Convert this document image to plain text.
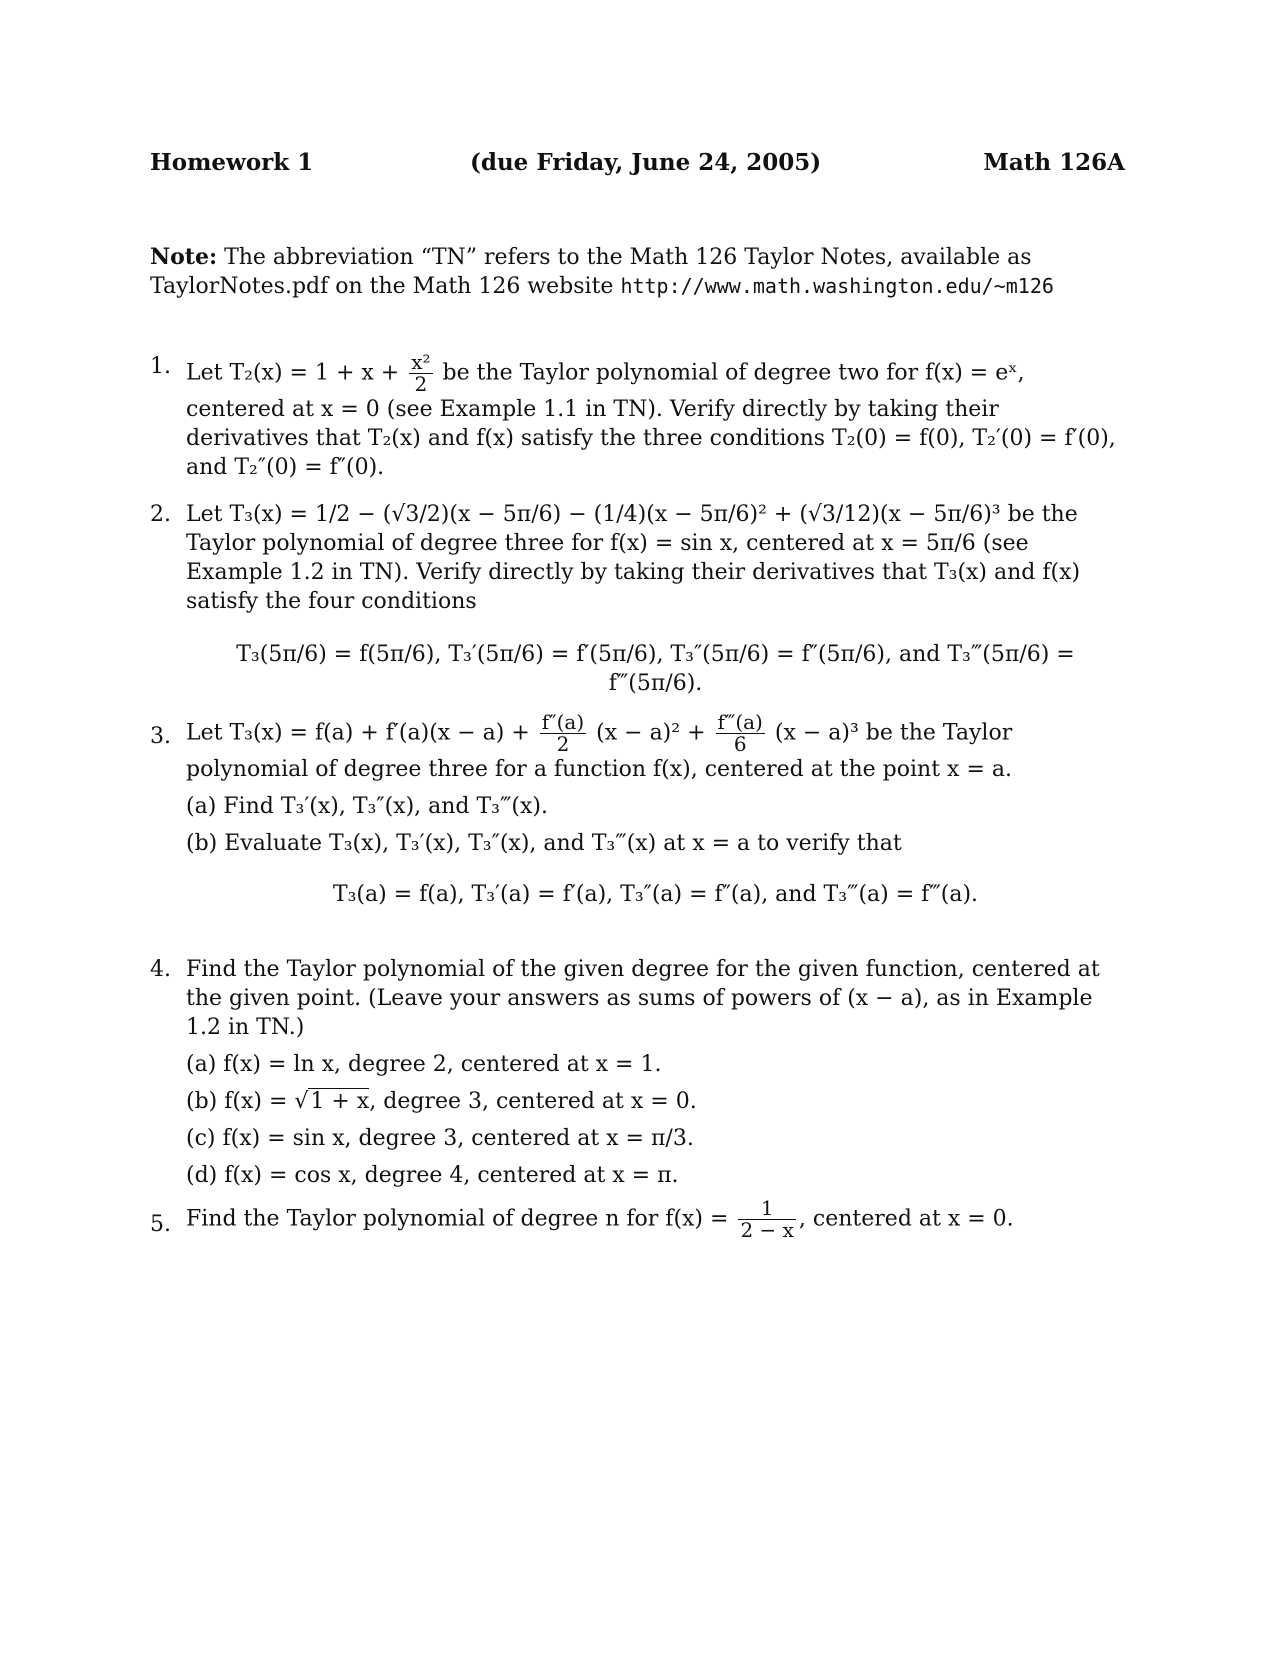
Homework 1	(due Friday, June 24, 2005)	Math 126A
Note: The abbreviation “TN” refers to the Math 126 Taylor Notes, available as TaylorNotes.pdf on the Math 126 website http://www.math.washington.edu/~m126
1. Let $T_2(x) = 1 + x + \frac{\text{x²}}{2}$ be the Taylor polynomial of degree two for f(x) = eˣ, centered at x = 0 (see Example 1.1 in TN). Verify directly by taking their derivatives that T₂(x) and f(x) satisfy the three conditions T₂(0) = f(0), T₂′(0) = f′(0), and T₂″(0) = f″(0).
2. Let T₃(x) = 1/2 − (√3/2)(x − 5π/6) − (1/4)(x − 5π/6)² + (√3/12)(x − 5π/6)³ be the Taylor polynomial of degree three for f(x) = sin x, centered at x = 5π/6 (see Example 1.2 in TN). Verify directly by taking their derivatives that T₃(x) and f(x) satisfy the four conditions
T₃(5π/6) = f(5π/6), T₃′(5π/6) = f′(5π/6), T₃″(5π/6) = f″(5π/6), and T₃‴(5π/6) = f‴(5π/6).
3. Let $T_3(x) = f(a) + f'(a)(x - a) + \frac{f''(a)}{2} (x - a)^2 + \frac{f‴(a)}{6} (x - a)^3$ be the Taylor polynomial of degree three for a function f(x), centered at the point x = a.
(a) Find T₃′(x), T₃″(x), and T₃‴(x).
(b) Evaluate T₃(x), T₃′(x), T₃″(x), and T₃‴(x) at x = a to verify that
T₃(a) = f(a), T₃′(a) = f′(a), T₃″(a) = f″(a), and T₃‴(a) = f‴(a).
4. Find the Taylor polynomial of the given degree for the given function, centered at the given point. (Leave your answers as sums of powers of (x − a), as in Example 1.2 in TN.)
(a) f(x) = ln x, degree 2, centered at x = 1.
(b) f(x) = √1 + x, degree 3, centered at x = 0.
(c) f(x) = sin x, degree 3, centered at x = π/3.
(d) f(x) = cos x, degree 4, centered at x = π.
5. Find the Taylor polynomial of degree n for $f(x) = \frac{1}{2 - x}$ , centered at x = 0.
